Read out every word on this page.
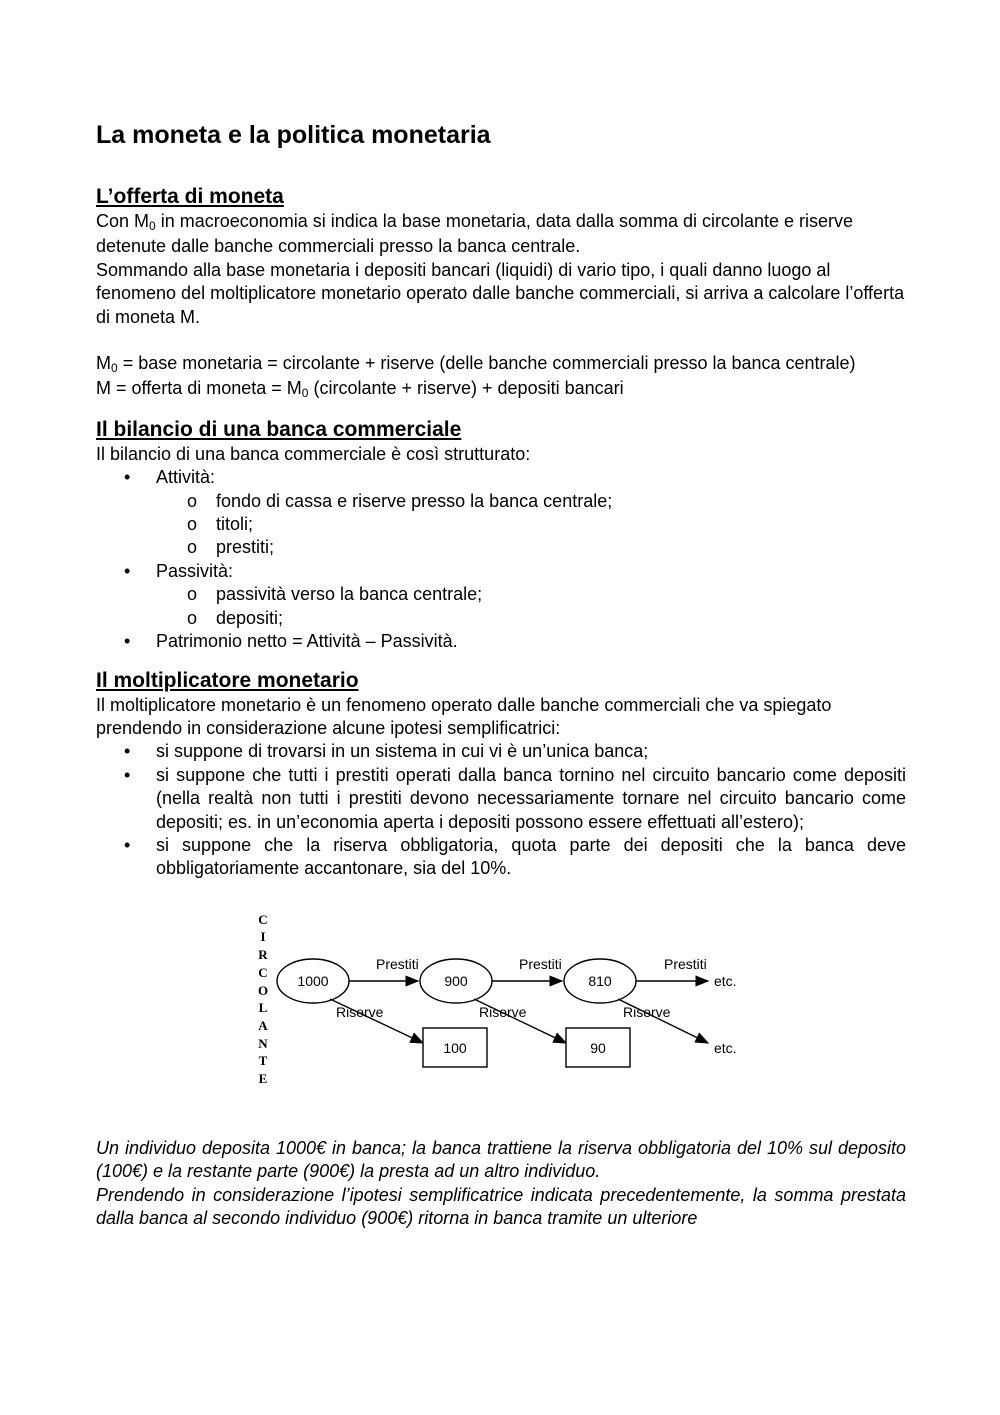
La moneta e la politica monetaria
L’offerta di moneta

Con $M_0$ in macroeconomia si indica la base monetaria, data dalla somma di circolante e riserve detenute dalle banche commerciali presso la banca centrale.

Sommando alla base monetaria i depositi bancari (liquidi) di vario tipo, i quali danno luogo al fenomeno del moltiplicatore monetario operato dalle banche commerciali, si arriva a calcolare l’offerta di moneta M.

$M_0$ = base monetaria = circolante + riserve (delle banche commerciali presso la banca centrale)

M = offerta di moneta = $M_0$ (circolante + riserve) + depositi bancari

Il bilancio di una banca commerciale

Il bilancio di una banca commerciale è così strutturato:

• Attività:
o fondo di cassa e riserve presso la banca centrale;
o titoli;
o prestiti;
• Passività:
o passività verso la banca centrale;
o depositi;
• Patrimonio netto = Attività – Passività.
Il moltiplicatore monetario

Il moltiplicatore monetario è un fenomeno operato dalle banche commerciali che va spiegato prendendo in considerazione alcune ipotesi semplificatrici:

• si suppone di trovarsi in un sistema in cui vi è un’unica banca;
• si suppone che tutti i prestiti operati dalla banca tornino nel circuito bancario come depositi (nella realtà non tutti i prestiti devono necessariamente tornare nel circuito bancario come depositi; es. in un’economia aperta i depositi possono essere effettuati all’estero);
• si suppone che la riserva obbligatoria, quota parte dei depositi che la banca deve obbligatoriamente accantonare, sia del 10%.
C
I
R
C
O
L
A
N
T
E
1000	900	810
Prestiti	Prestiti	Prestiti
etc.
Riserve	Riserve	Riserve
100	90	etc.

Un individuo deposita 1000€ in banca; la banca trattiene la riserva obbligatoria del 10% sul deposito (100€) e la restante parte (900€) la presta ad un altro individuo.

Prendendo in considerazione l’ipotesi semplificatrice indicata precedentemente, la somma prestata dalla banca al secondo individuo (900€) ritorna in banca tramite un ulteriore
